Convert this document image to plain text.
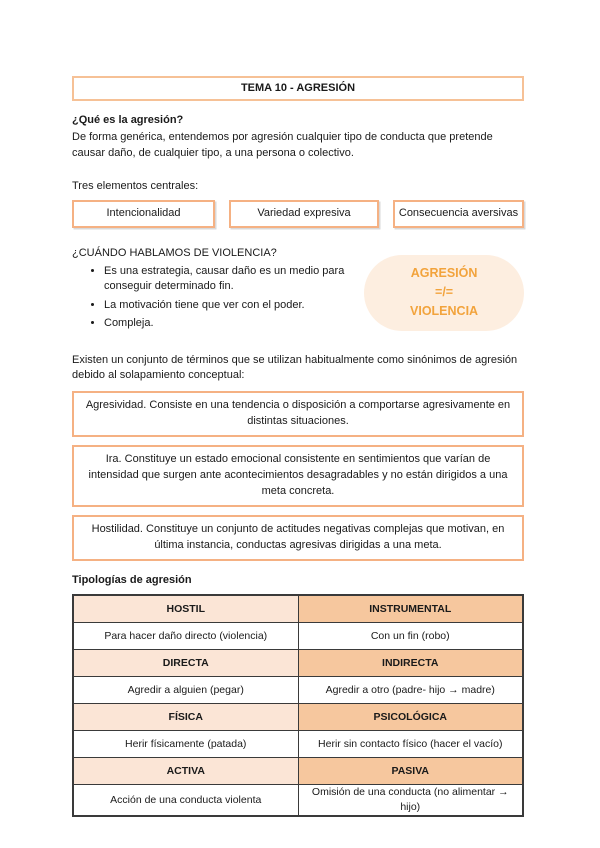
TEMA 10 - AGRESIÓN

¿Qué es la agresión?

De forma genérica, entendemos por agresión cualquier tipo de conducta que pretende causar daño, de cualquier tipo, a una persona o colectivo.

Tres elementos centrales:

Intencionalidad	Variedad expresiva	Consecuencia aversivas

¿CUÁNDO HABLAMOS DE VIOLENCIA?

• Es una estrategia, causar daño es un medio para conseguir determinado fin.
• La motivación tiene que ver con el poder.
• Compleja.
AGRESIÓN
=/=
VIOLENCIA

Existen un conjunto de términos que se utilizan habitualmente como sinónimos de agresión debido al solapamiento conceptual:

Agresividad. Consiste en una tendencia o disposición a comportarse agresivamente en distintas situaciones.
Ira. Constituye un estado emocional consistente en sentimientos que varían de intensidad que surgen ante acontecimientos desagradables y no están dirigidos a una meta concreta.
Hostilidad. Constituye un conjunto de actitudes negativas complejas que motivan, en última instancia, conductas agresivas dirigidas a una meta.

Tipologías de agresión

HOSTIL	INSTRUMENTAL
Para hacer daño directo (violencia)	Con un fin (robo)
DIRECTA	INDIRECTA
Agredir a alguien (pegar)	Agredir a otro (padre- hijo → madre)
FÍSICA	PSICOLÓGICA
Herir físicamente (patada)	Herir sin contacto físico (hacer el vacío)
ACTIVA	PASIVA
Acción de una conducta violenta	Omisión de una conducta (no alimentar → hijo)
